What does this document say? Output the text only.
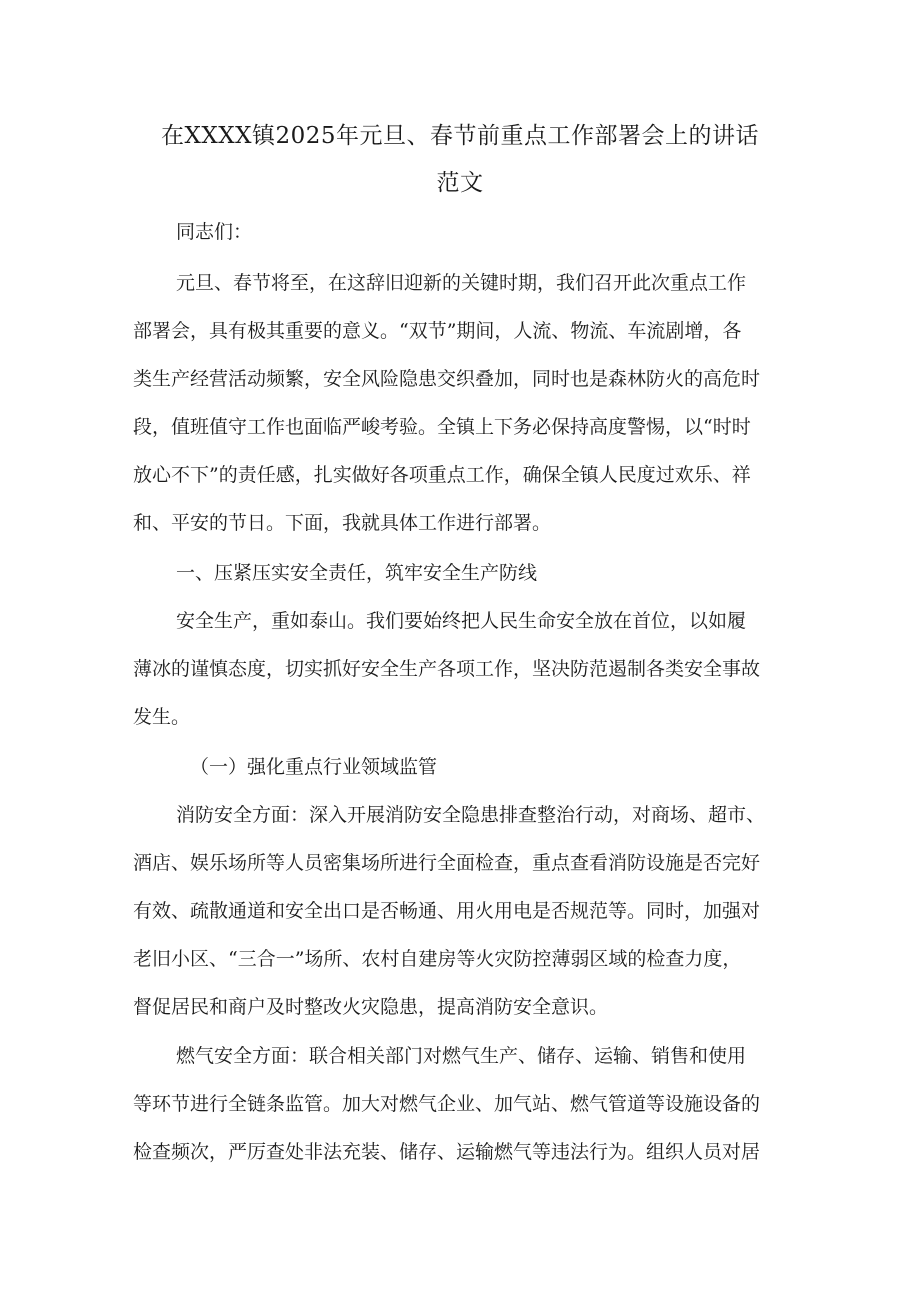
在XXXX镇2025年元旦、春节前重点工作部署会上的讲话
范文

同志们：

元旦、春节将至，在这辞旧迎新的关键时期，我们召开此次重点工作

部署会，具有极其重要的意义。“双节”期间，人流、物流、车流剧增，各

类生产经营活动频繁，安全风险隐患交织叠加，同时也是森林防火的高危时

段，值班值守工作也面临严峻考验。全镇上下务必保持高度警惕，以“时时

放心不下”的责任感，扎实做好各项重点工作，确保全镇人民度过欢乐、祥

和、平安的节日。下面，我就具体工作进行部署。

一、压紧压实安全责任，筑牢安全生产防线

安全生产，重如泰山。我们要始终把人民生命安全放在首位，以如履

薄冰的谨慎态度，切实抓好安全生产各项工作，坚决防范遏制各类安全事故

发生。

（一）强化重点行业领域监管

消防安全方面：深入开展消防安全隐患排查整治行动，对商场、超市、

酒店、娱乐场所等人员密集场所进行全面检查，重点查看消防设施是否完好

有效、疏散通道和安全出口是否畅通、用火用电是否规范等。同时，加强对

老旧小区、“三合一”场所、农村自建房等火灾防控薄弱区域的检查力度，

督促居民和商户及时整改火灾隐患，提高消防安全意识。

燃气安全方面：联合相关部门对燃气生产、储存、运输、销售和使用

等环节进行全链条监管。加大对燃气企业、加气站、燃气管道等设施设备的

检查频次，严厉查处非法充装、储存、运输燃气等违法行为。组织人员对居
